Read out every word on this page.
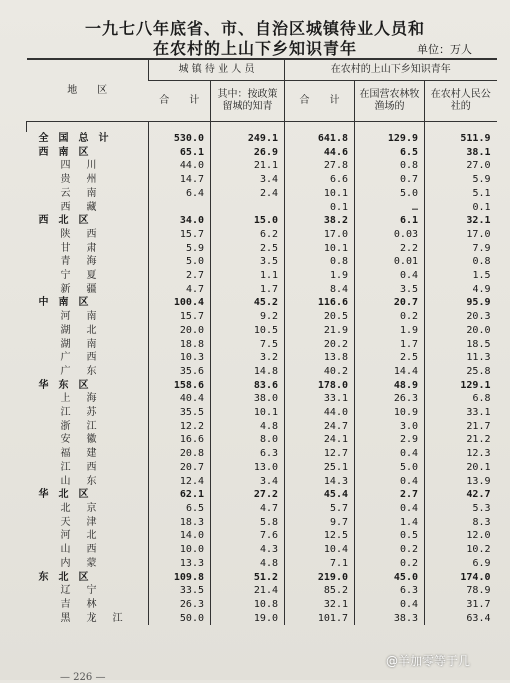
一九七八年底省、市、自治区城镇待业人员和
在农村的上山下乡知识青年	单位：万人
地　　区	城 镇 待 业 人 员		在农村的上山下乡知识青年		
	合　　计	其中：按政策留城的知青	合　　计	在国营农林牧渔场的	在农村人民公社的

全国总计	530.0	249.1	641.8	129.9	511.9
西南区	65.1	26.9	44.6	6.5	38.1
四川	44.0	21.1	27.8	0.8	27.0
贵州	14.7	3.4	6.6	0.7	5.9
云南	6.4	2.4	10.1	5.0	5.1
西藏			0.1	…	0.1
西北区	34.0	15.0	38.2	6.1	32.1
陕西	15.7	6.2	17.0	0.03	17.0
甘肃	5.9	2.5	10.1	2.2	7.9
青海	5.0	3.5	0.8	0.01	0.8
宁夏	2.7	1.1	1.9	0.4	1.5
新疆	4.7	1.7	8.4	3.5	4.9
中南区	100.4	45.2	116.6	20.7	95.9
河南	15.7	9.2	20.5	0.2	20.3
湖北	20.0	10.5	21.9	1.9	20.0
湖南	18.8	7.5	20.2	1.7	18.5
广西	10.3	3.2	13.8	2.5	11.3
广东	35.6	14.8	40.2	14.4	25.8
华东区	158.6	83.6	178.0	48.9	129.1
上海	40.4	38.0	33.1	26.3	6.8
江苏	35.5	10.1	44.0	10.9	33.1
浙江	12.2	4.8	24.7	3.0	21.7
安徽	16.6	8.0	24.1	2.9	21.2
福建	20.8	6.3	12.7	0.4	12.3
江西	20.7	13.0	25.1	5.0	20.1
山东	12.4	3.4	14.3	0.4	13.9
华北区	62.1	27.2	45.4	2.7	42.7
北京	6.5	4.7	5.7	0.4	5.3
天津	18.3	5.8	9.7	1.4	8.3
河北	14.0	7.6	12.5	0.5	12.0
山西	10.0	4.3	10.4	0.2	10.2
内蒙	13.3	4.8	7.1	0.2	6.9
东北区	109.8	51.2	219.0	45.0	174.0
辽宁	33.5	21.4	85.2	6.3	78.9
吉林	26.3	10.8	32.1	0.4	31.7
黑龙江	50.0	19.0	101.7	38.3	63.4
@羊加零等于几
— 226 —
